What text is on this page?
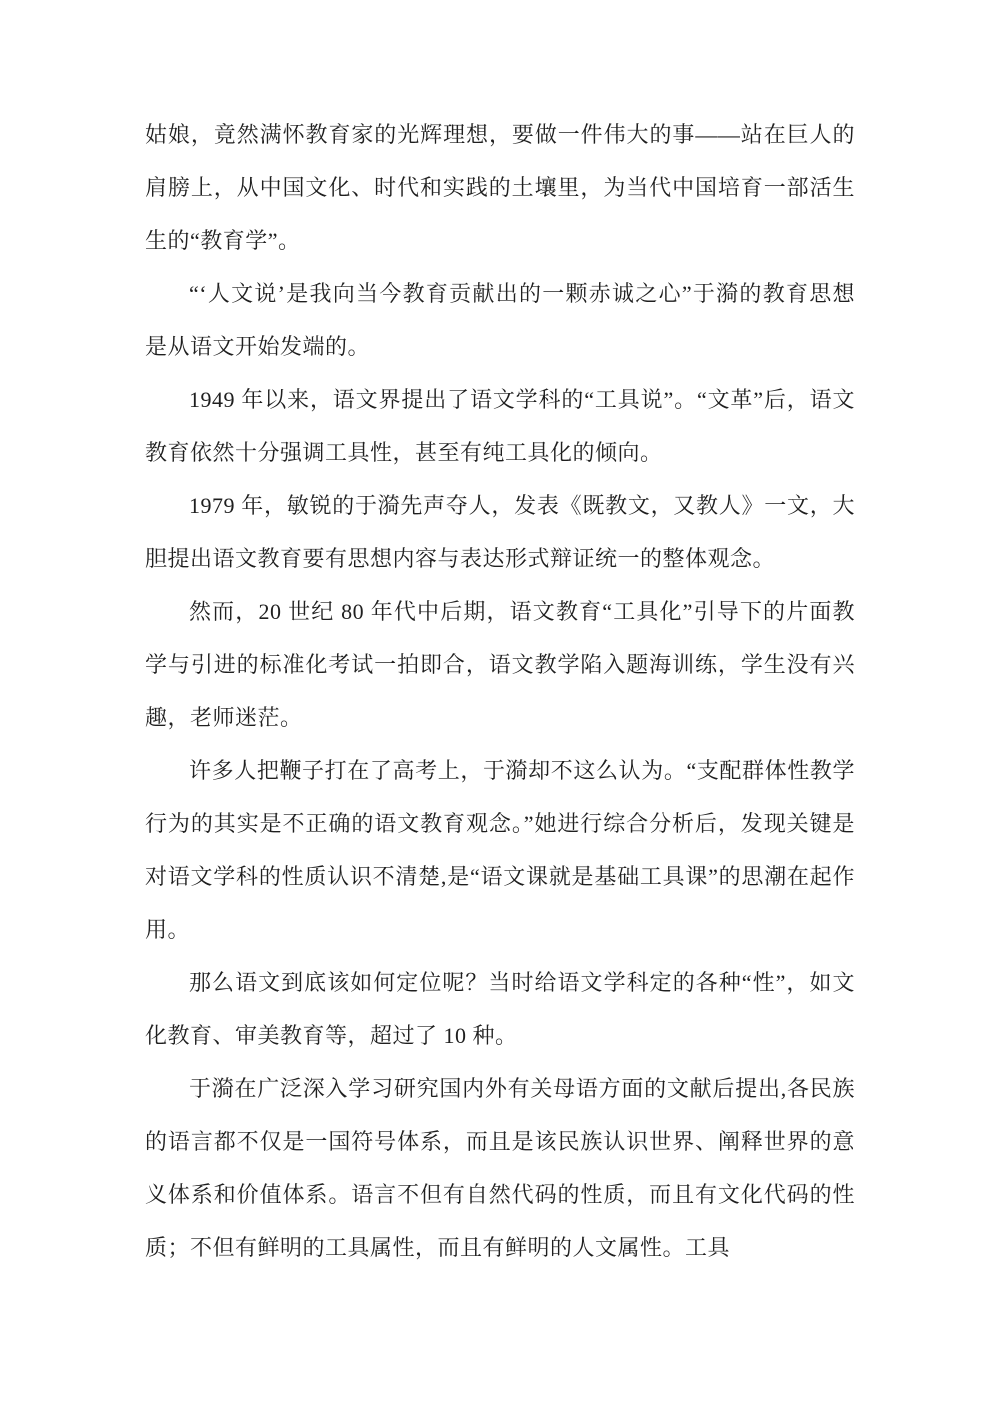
姑娘，竟然满怀教育家的光辉理想，要做一件伟大的事——站在巨人的肩膀上，从中国文化、时代和实践的土壤里，为当代中国培育一部活生生的“教育学”。

“‘人文说’是我向当今教育贡献出的一颗赤诚之心”于漪的教育思想是从语文开始发端的。

1949 年以来，语文界提出了语文学科的“工具说”。“文革”后，语文教育依然十分强调工具性，甚至有纯工具化的倾向。

1979 年，敏锐的于漪先声夺人，发表《既教文，又教人》一文，大胆提出语文教育要有思想内容与表达形式辩证统一的整体观念。

然而，20 世纪 80 年代中后期，语文教育“工具化”引导下的片面教学与引进的标准化考试一拍即合，语文教学陷入题海训练，学生没有兴趣，老师迷茫。

许多人把鞭子打在了高考上，于漪却不这么认为。“支配群体性教学行为的其实是不正确的语文教育观念。”她进行综合分析后，发现关键是对语文学科的性质认识不清楚,是“语文课就是基础工具课”的思潮在起作用。

那么语文到底该如何定位呢？当时给语文学科定的各种“性”，如文化教育、审美教育等，超过了 10 种。

于漪在广泛深入学习研究国内外有关母语方面的文献后提出,各民族的语言都不仅是一国符号体系，而且是该民族认识世界、阐释世界的意义体系和价值体系。语言不但有自然代码的性质，而且有文化代码的性质；不但有鲜明的工具属性，而且有鲜明的人文属性。工具
